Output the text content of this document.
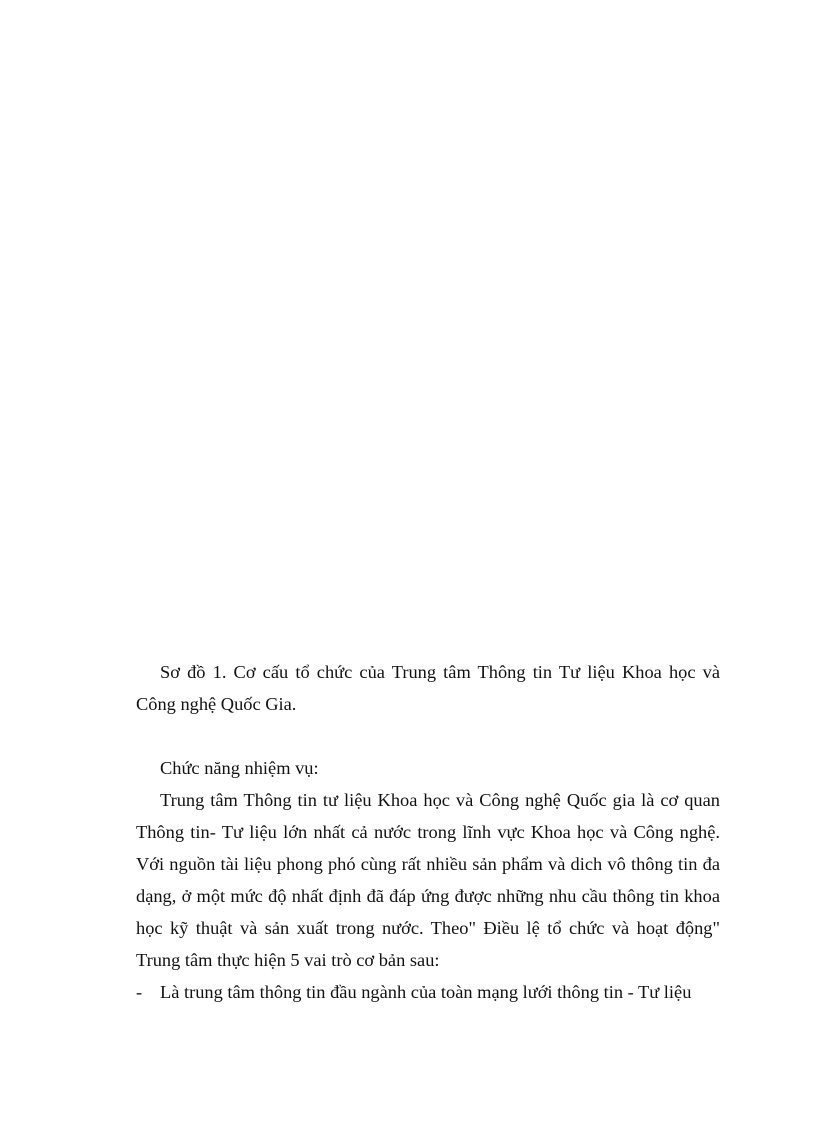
Sơ đồ 1. Cơ cấu tổ chức của Trung tâm Thông tin Tư liệu Khoa học và Công nghệ Quốc Gia.

Chức năng nhiệm vụ:

Trung tâm Thông tin tư liệu Khoa học và Công nghệ Quốc gia là cơ quan Thông tin- Tư liệu lớn nhất cả nước trong lĩnh vực Khoa học và Công nghệ. Với nguồn tài liệu phong phó cùng rất nhiều sản phẩm và dich vô thông tin đa dạng, ở một mức độ nhất định đã đáp ứng được những nhu cầu thông tin khoa học kỹ thuật và sản xuất trong nước. Theo" Điều lệ tổ chức và hoạt động" Trung tâm thực hiện 5 vai trò cơ bản sau:

- Là trung tâm thông tin đầu ngành của toàn mạng lưới thông tin - Tư liệu
